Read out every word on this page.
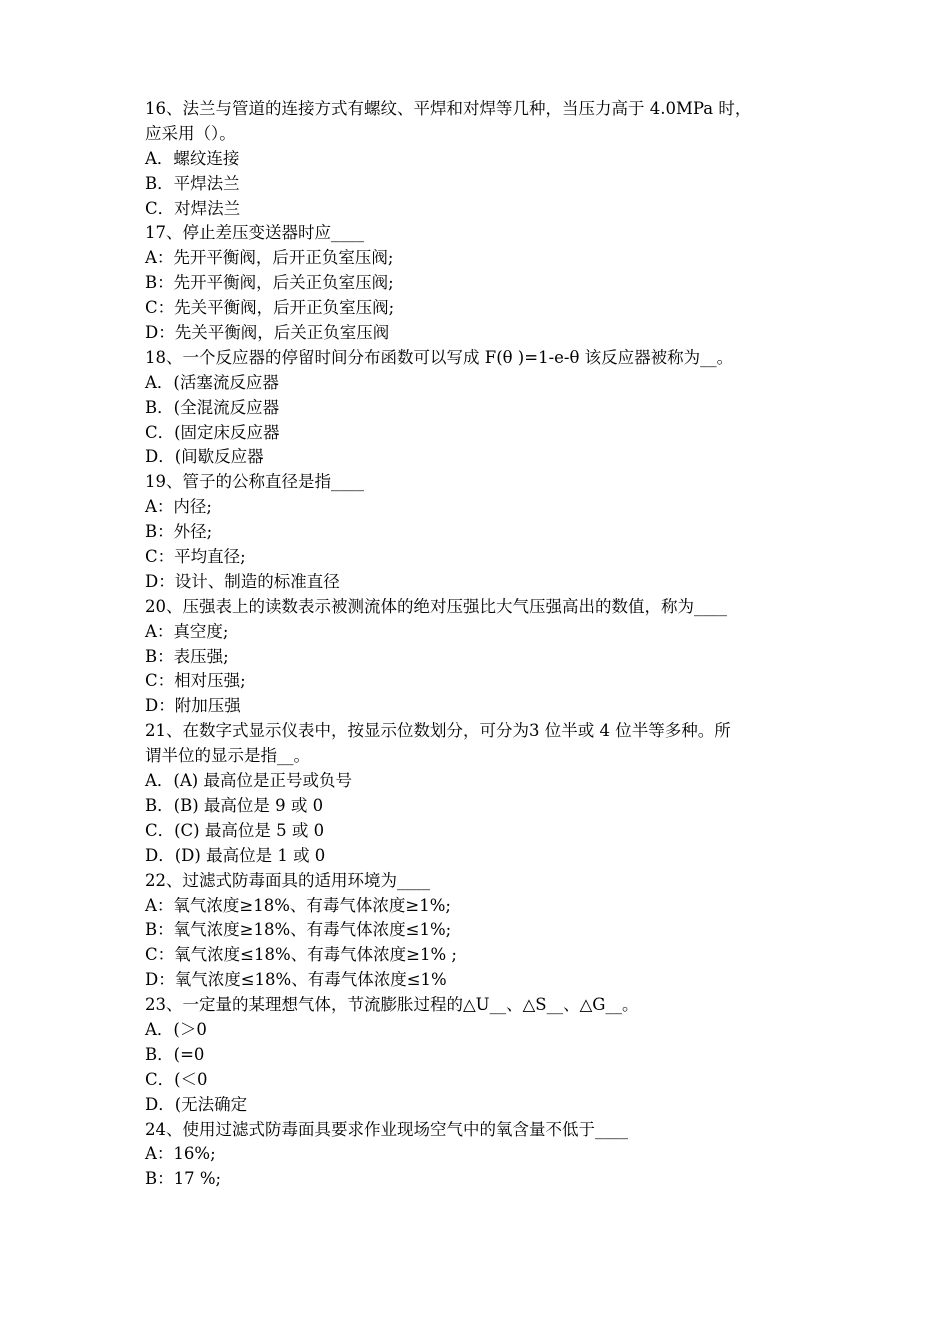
16、法兰与管道的连接方式有螺纹、平焊和对焊等几种，当压力高于 4.0MPa 时，
应采用（）。
A．螺纹连接
B．平焊法兰
C．对焊法兰
17、停止差压变送器时应____
A：先开平衡阀，后开正负室压阀;
B：先开平衡阀，后关正负室压阀;
C：先关平衡阀，后开正负室压阀;
D：先关平衡阀，后关正负室压阀
18、一个反应器的停留时间分布函数可以写成 F(θ )=1-e-θ 该反应器被称为__。
A．(活塞流反应器
B．(全混流反应器
C．(固定床反应器
D．(间歇反应器
19、管子的公称直径是指____
A：内径;
B：外径;
C：平均直径;
D：设计、制造的标准直径
20、压强表上的读数表示被测流体的绝对压强比大气压强高出的数值，称为____
A：真空度;
B：表压强;
C：相对压强;
D：附加压强
21、在数字式显示仪表中，按显示位数划分，可分为3 位半或 4 位半等多种。所
谓半位的显示是指__。
A．(A) 最高位是正号或负号
B．(B) 最高位是 9 或 0
C．(C) 最高位是 5 或 0
D．(D) 最高位是 1 或 0
22、过滤式防毒面具的适用环境为____
A：氧气浓度≥18%、有毒气体浓度≥1%;
B：氧气浓度≥18%、有毒气体浓度≤1%;
C：氧气浓度≤18%、有毒气体浓度≥1% ;
D：氧气浓度≤18%、有毒气体浓度≤1%
23、一定量的某理想气体，节流膨胀过程的△U__、△S__、△G__。
A．(＞0
B．(=0
C．(＜0
D．(无法确定
24、使用过滤式防毒面具要求作业现场空气中的氧含量不低于____
A：16%;
B：17 %;
